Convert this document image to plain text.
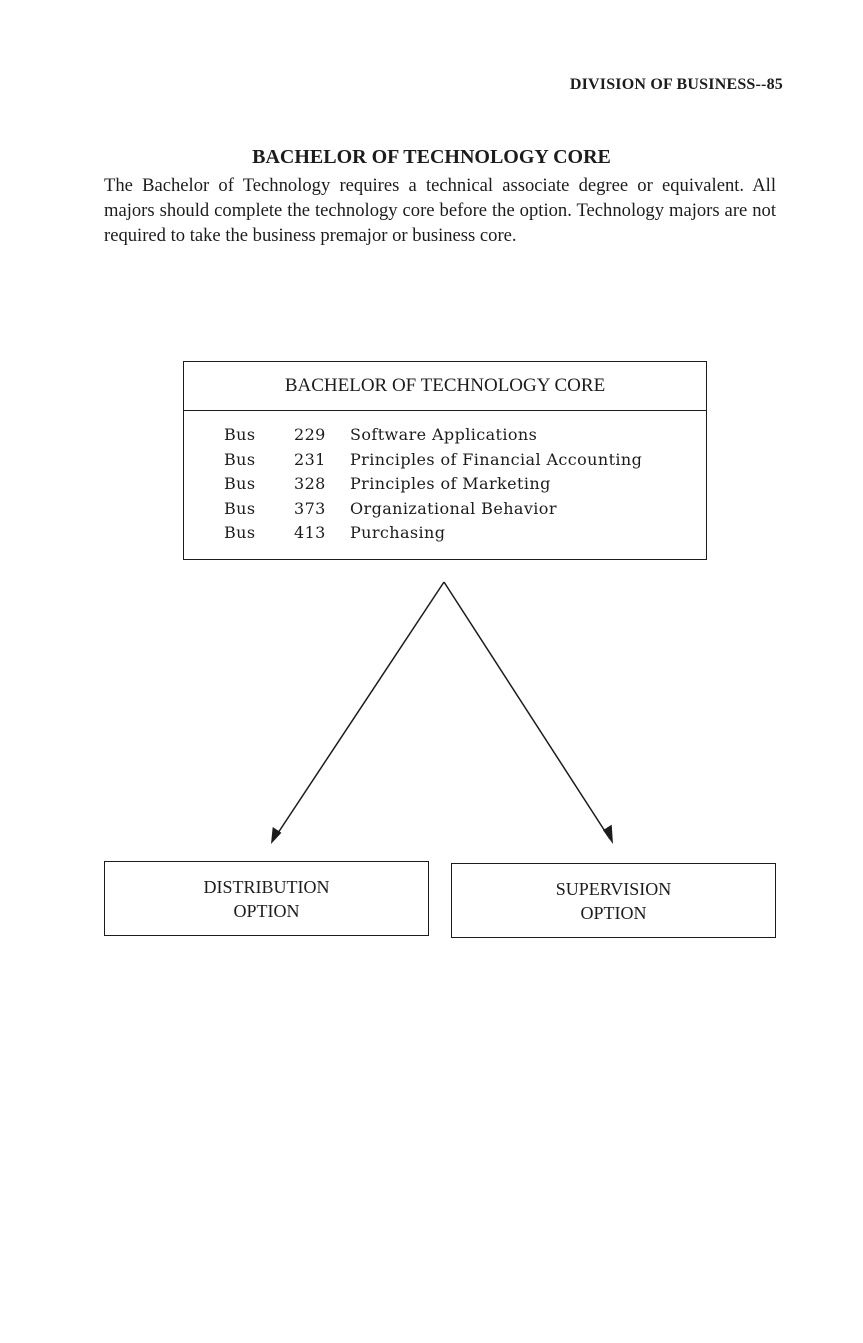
DIVISION OF BUSINESS--85
BACHELOR OF TECHNOLOGY CORE

The Bachelor of Technology requires a technical associate degree or equivalent. All majors should complete the technology core before the option. Technology majors are not required to take the business premajor or business core.

BACHELOR OF TECHNOLOGY CORE
Bus	229	Software Applications
Bus	231	Principles of Financial Accounting
Bus	328	Principles of Marketing
Bus	373	Organizational Behavior
Bus	413	Purchasing
DISTRIBUTION
OPTION
SUPERVISION
OPTION
